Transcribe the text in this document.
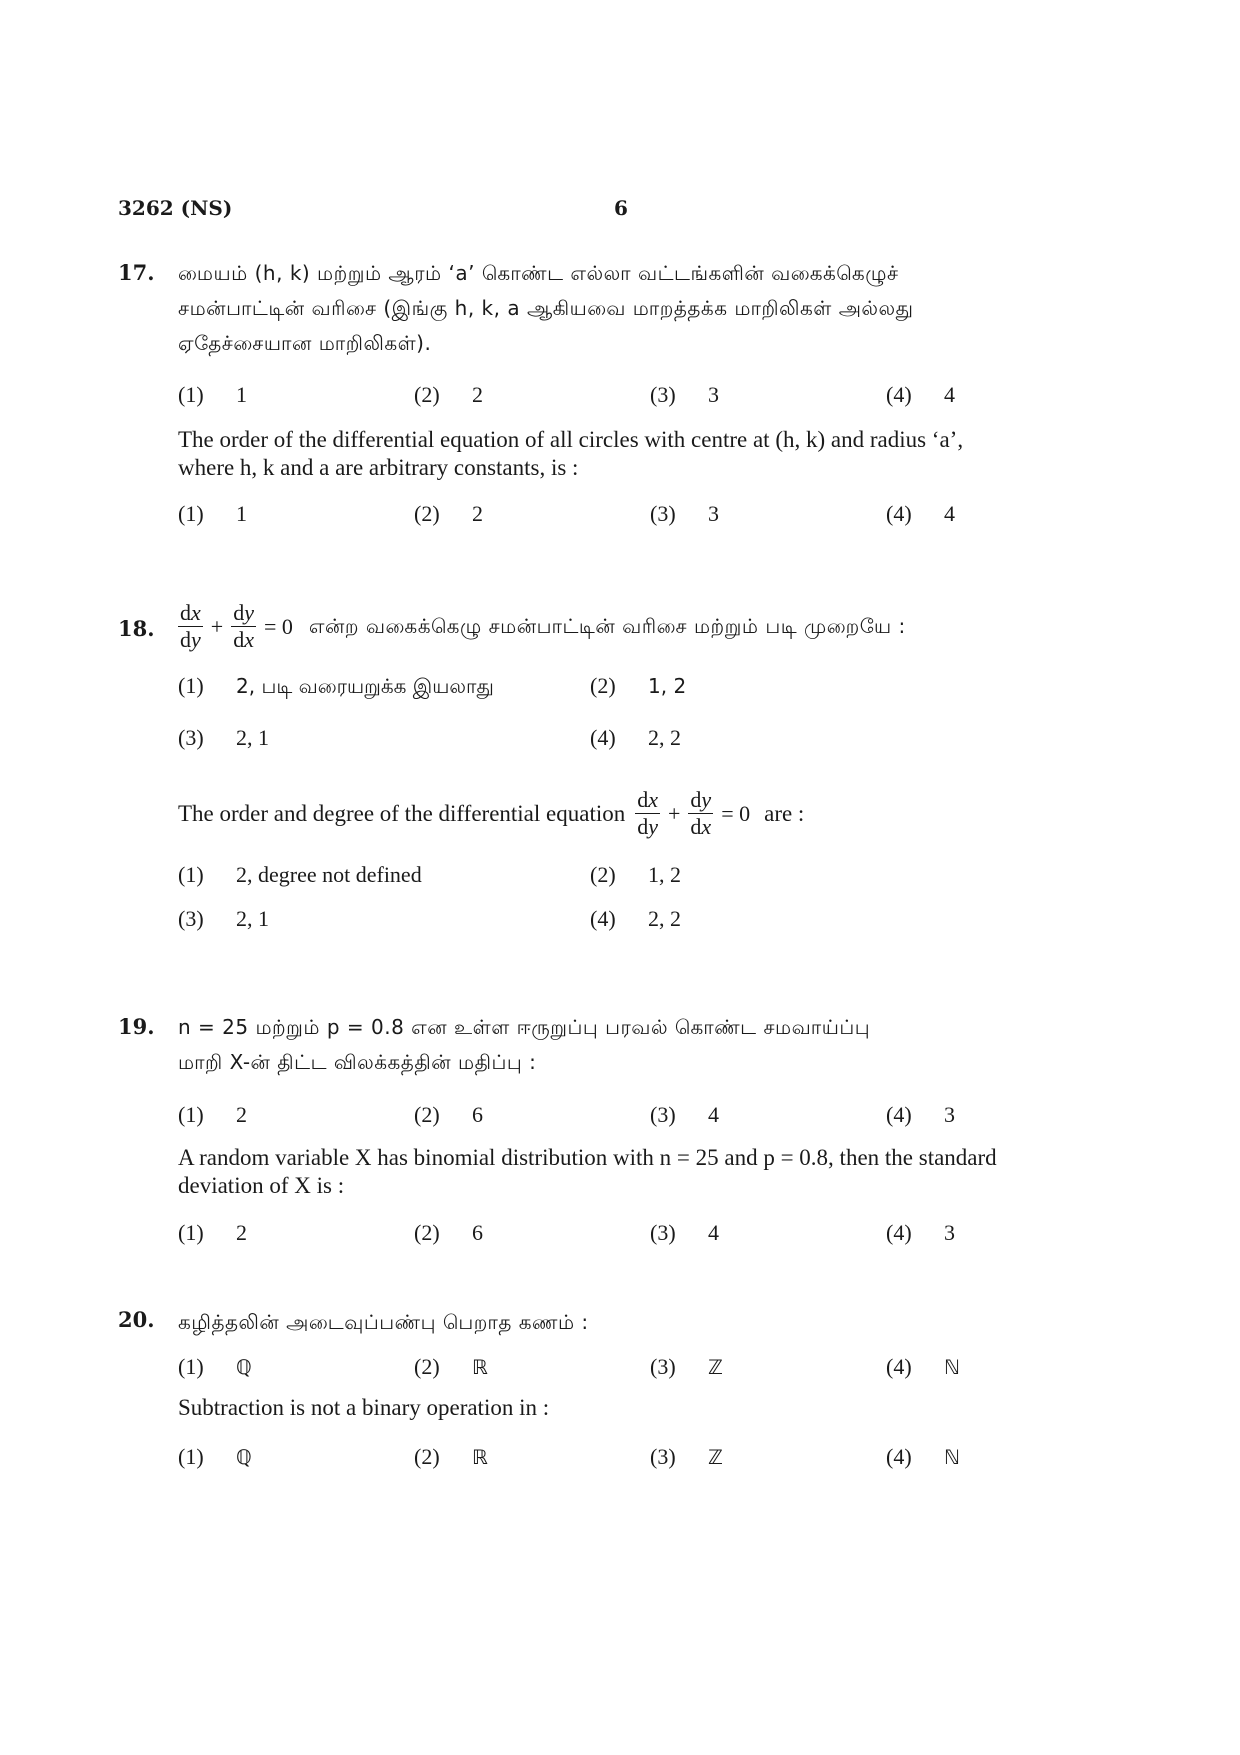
3262 (NS)	6
17. மையம் (h, k) மற்றும் ஆரம் ‘a’ கொண்ட எல்லா வட்டங்களின் வகைக்கெழுச்
சமன்பாட்டின் வரிசை (இங்கு h, k, a ஆகியவை மாறத்தக்க மாறிலிகள் அல்லது
ஏதேச்சையான மாறிலிகள்).
(1) 1	(2) 2	(3) 3	(4) 4
The order of the differential equation of all circles with centre at (h, k) and radius ‘a’,
where h, k and a are arbitrary constants, is :
(1) 1	(2) 2	(3) 3	(4) 4
18. $\frac{dx}{dy} + \frac{dy}{dx} = 0$ என்ற வகைக்கெழு சமன்பாட்டின் வரிசை மற்றும் படி முறையே :
(1) 2, படி வரையறுக்க இயலாது	(2) 1, 2
(3) 2, 1	(4) 2, 2
The order and degree of the differential equation $\frac{dx}{dy} + \frac{dy}{dx} = 0$ are :
(1) 2, degree not defined	(2) 1, 2
(3) 2, 1	(4) 2, 2
19. n = 25 மற்றும் p = 0.8 என உள்ள ஈருறுப்பு பரவல் கொண்ட சமவாய்ப்பு
மாறி X-ன் திட்ட விலக்கத்தின் மதிப்பு :
(1) 2	(2) 6	(3) 4	(4) 3
A random variable X has binomial distribution with n = 25 and p = 0.8, then the standard
deviation of X is :
(1) 2	(2) 6	(3) 4	(4) 3
20. கழித்தலின் அடைவுப்பண்பு பெறாத கணம் :
(1) ℚ	(2) ℝ	(3) ℤ	(4) ℕ
Subtraction is not a binary operation in :
(1) ℚ	(2) ℝ	(3) ℤ	(4) ℕ
